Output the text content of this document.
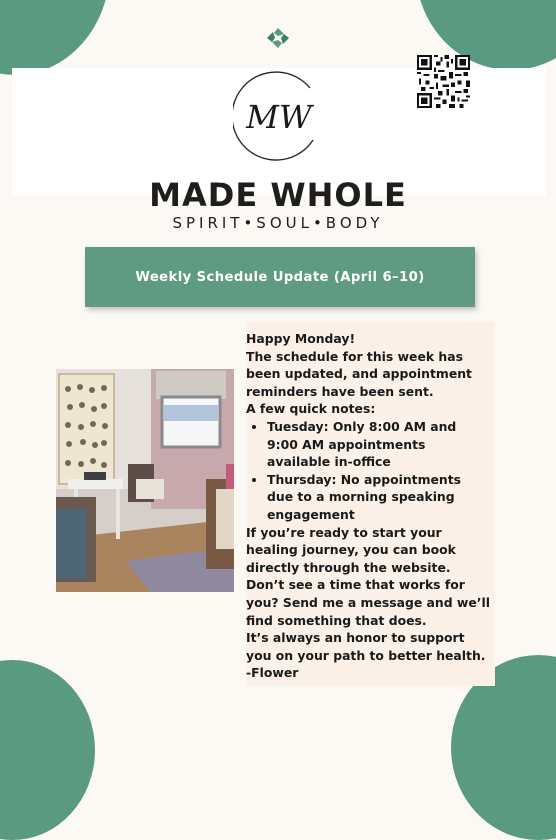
MW
MADE WHOLE
SPIRIT•SOUL•BODY
Weekly Schedule Update (April 6–10)

Happy Monday!

The schedule for this week has been updated, and appointment reminders have been sent.

A few quick notes:

• Tuesday: Only 8:00 AM and 9:00 AM appointments available in-office
• Thursday: No appointments due to a morning speaking engagement

If you’re ready to start your healing journey, you can book directly through the website.

Don’t see a time that works for you? Send me a message and we’ll find something that does.

It’s always an honor to support you on your path to better health.

-Flower
